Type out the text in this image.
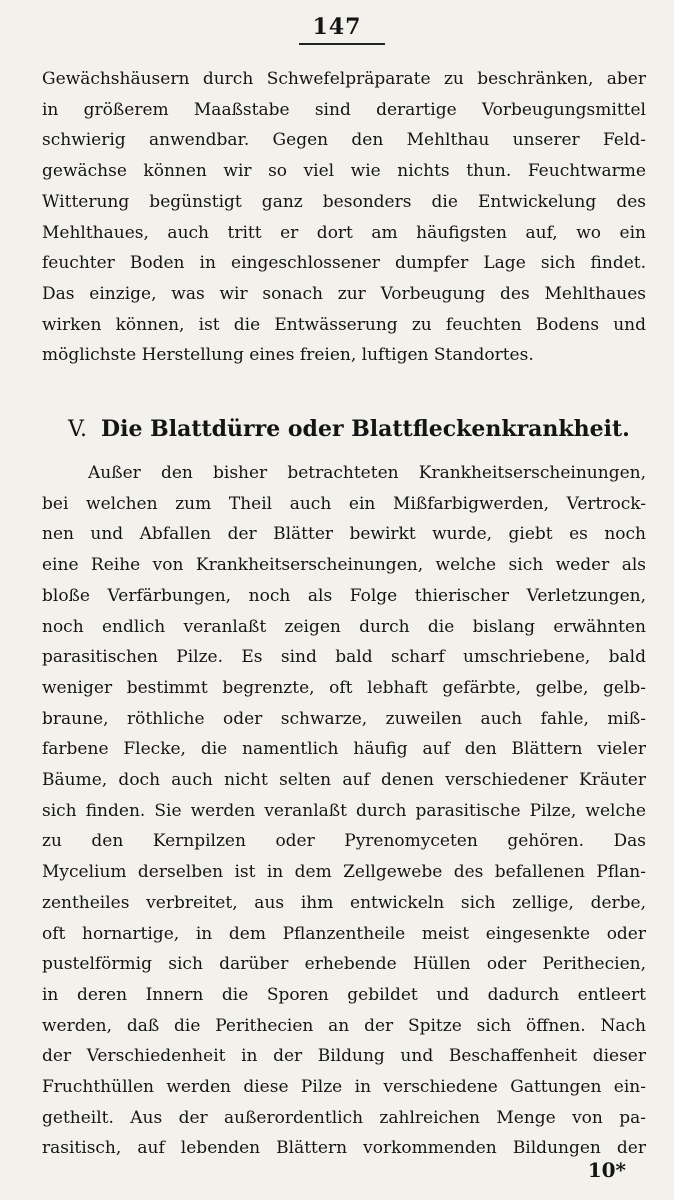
147
Gewächshäusern durch Schwefelpräparate zu beschränken, aber
in größerem Maaßstabe sind derartige Vorbeugungsmittel
schwierig anwendbar. Gegen den Mehlthau unserer Feld-
gewächse können wir so viel wie nichts thun. Feuchtwarme
Witterung begünstigt ganz besonders die Entwickelung des
Mehlthaues, auch tritt er dort am häufigsten auf, wo ein
feuchter Boden in eingeschlossener dumpfer Lage sich findet.
Das einzige, was wir sonach zur Vorbeugung des Mehlthaues
wirken können, ist die Entwässerung zu feuchten Bodens und
möglichste Herstellung eines freien, luftigen Standortes.
V. Die Blattdürre oder Blattfleckenkrankheit.
Außer den bisher betrachteten Krankheitserscheinungen,
bei welchen zum Theil auch ein Mißfarbigwerden, Vertrock-
nen und Abfallen der Blätter bewirkt wurde, giebt es noch
eine Reihe von Krankheitserscheinungen, welche sich weder als
bloße Verfärbungen, noch als Folge thierischer Verletzungen,
noch endlich veranlaßt zeigen durch die bislang erwähnten
parasitischen Pilze. Es sind bald scharf umschriebene, bald
weniger bestimmt begrenzte, oft lebhaft gefärbte, gelbe, gelb-
braune, röthliche oder schwarze, zuweilen auch fahle, miß-
farbene Flecke, die namentlich häufig auf den Blättern vieler
Bäume, doch auch nicht selten auf denen verschiedener Kräuter
sich finden. Sie werden veranlaßt durch parasitische Pilze, welche
zu den Kernpilzen oder Pyrenomyceten gehören. Das
Mycelium derselben ist in dem Zellgewebe des befallenen Pflan-
zentheiles verbreitet, aus ihm entwickeln sich zellige, derbe,
oft hornartige, in dem Pflanzentheile meist eingesenkte oder
pustelförmig sich darüber erhebende Hüllen oder Perithecien,
in deren Innern die Sporen gebildet und dadurch entleert
werden, daß die Perithecien an der Spitze sich öffnen. Nach
der Verschiedenheit in der Bildung und Beschaffenheit dieser
Fruchthüllen werden diese Pilze in verschiedene Gattungen ein-
getheilt. Aus der außerordentlich zahlreichen Menge von pa-
rasitisch, auf lebenden Blättern vorkommenden Bildungen der
10*
